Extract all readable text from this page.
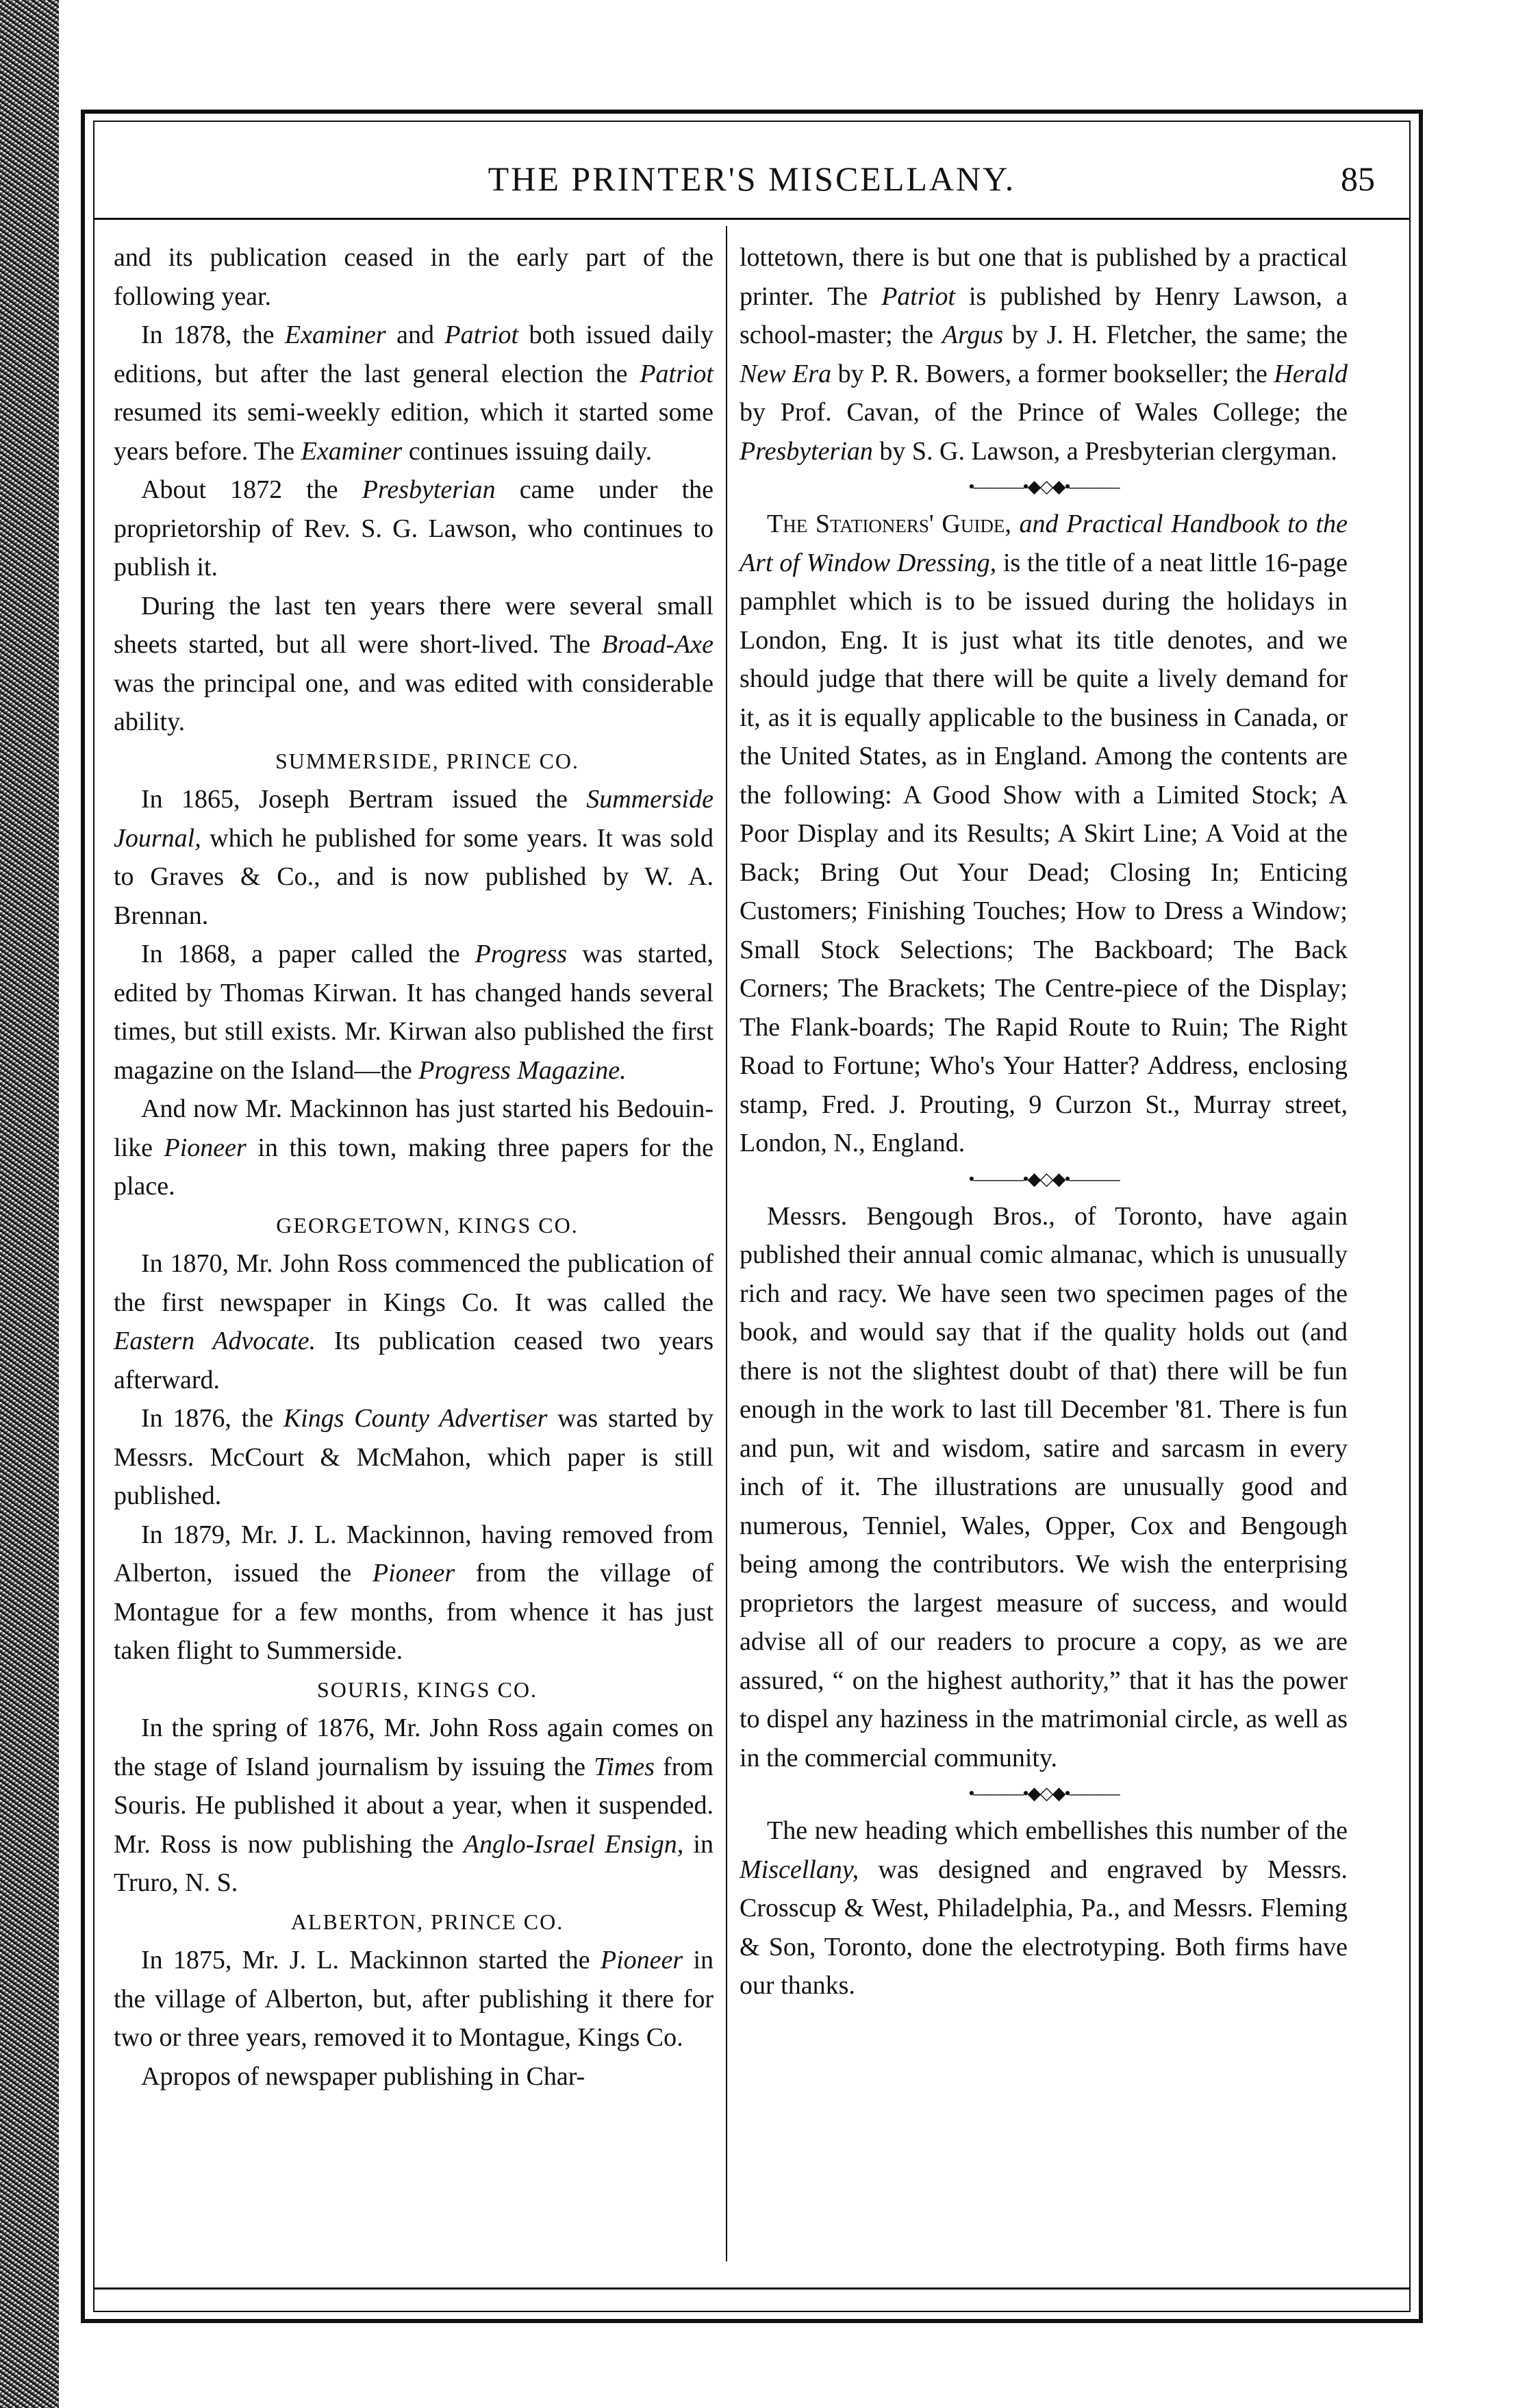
THE PRINTER'S MISCELLANY.	85

and its publication ceased in the early part of the following year.

In 1878, the Examiner and Patriot both issued daily editions, but after the last general election the Patriot resumed its semi-weekly edition, which it started some years before. The Examiner continues issuing daily.

About 1872 the Presbyterian came under the proprietorship of Rev. S. G. Lawson, who continues to publish it.

During the last ten years there were several small sheets started, but all were short-lived. The Broad-Axe was the principal one, and was edited with considerable ability.

SUMMERSIDE, PRINCE CO.

In 1865, Joseph Bertram issued the Summerside Journal, which he published for some years. It was sold to Graves & Co., and is now published by W. A. Brennan.

In 1868, a paper called the Progress was started, edited by Thomas Kirwan. It has changed hands several times, but still exists. Mr. Kirwan also published the first magazine on the Island—the Progress Magazine.

And now Mr. Mackinnon has just started his Bedouin-like Pioneer in this town, making three papers for the place.

GEORGETOWN, KINGS CO.

In 1870, Mr. John Ross commenced the publication of the first newspaper in Kings Co. It was called the Eastern Advocate. Its publication ceased two years afterward.

In 1876, the Kings County Advertiser was started by Messrs. McCourt & McMahon, which paper is still published.

In 1879, Mr. J. L. Mackinnon, having removed from Alberton, issued the Pioneer from the village of Montague for a few months, from whence it has just taken flight to Summerside.

SOURIS, KINGS CO.

In the spring of 1876, Mr. John Ross again comes on the stage of Island journalism by issuing the Times from Souris. He published it about a year, when it suspended. Mr. Ross is now publishing the Anglo-Israel Ensign, in Truro, N. S.

ALBERTON, PRINCE CO.

In 1875, Mr. J. L. Mackinnon started the Pioneer in the village of Alberton, but, after publishing it there for two or three years, removed it to Montague, Kings Co.

Apropos of newspaper publishing in Char-

lottetown, there is but one that is published by a practical printer. The Patriot is published by Henry Lawson, a school-master; the Argus by J. H. Fletcher, the same; the New Era by P. R. Bowers, a former bookseller; the Herald by Prof. Cavan, of the Prince of Wales College; the Presbyterian by S. G. Lawson, a Presbyterian clergyman.

•———•◆◇◆•———

The Stationers' Guide, and Practical Handbook to the Art of Window Dressing, is the title of a neat little 16-page pamphlet which is to be issued during the holidays in London, Eng. It is just what its title denotes, and we should judge that there will be quite a lively demand for it, as it is equally applicable to the business in Canada, or the United States, as in England. Among the contents are the following: A Good Show with a Limited Stock; A Poor Display and its Results; A Skirt Line; A Void at the Back; Bring Out Your Dead; Closing In; Enticing Customers; Finishing Touches; How to Dress a Window; Small Stock Selections; The Backboard; The Back Corners; The Brackets; The Centre-piece of the Display; The Flank-boards; The Rapid Route to Ruin; The Right Road to Fortune; Who's Your Hatter? Address, enclosing stamp, Fred. J. Prouting, 9 Curzon St., Murray street, London, N., England.

•———•◆◇◆•———

Messrs. Bengough Bros., of Toronto, have again published their annual comic almanac, which is unusually rich and racy. We have seen two specimen pages of the book, and would say that if the quality holds out (and there is not the slightest doubt of that) there will be fun enough in the work to last till December '81. There is fun and pun, wit and wisdom, satire and sarcasm in every inch of it. The illustrations are unusually good and numerous, Tenniel, Wales, Opper, Cox and Bengough being among the contributors. We wish the enterprising proprietors the largest measure of success, and would advise all of our readers to procure a copy, as we are assured, “ on the highest authority,” that it has the power to dispel any haziness in the matrimonial circle, as well as in the commercial community.

•———•◆◇◆•———

The new heading which embellishes this number of the Miscellany, was designed and engraved by Messrs. Crosscup & West, Philadelphia, Pa., and Messrs. Fleming & Son, Toronto, done the electrotyping. Both firms have our thanks.
